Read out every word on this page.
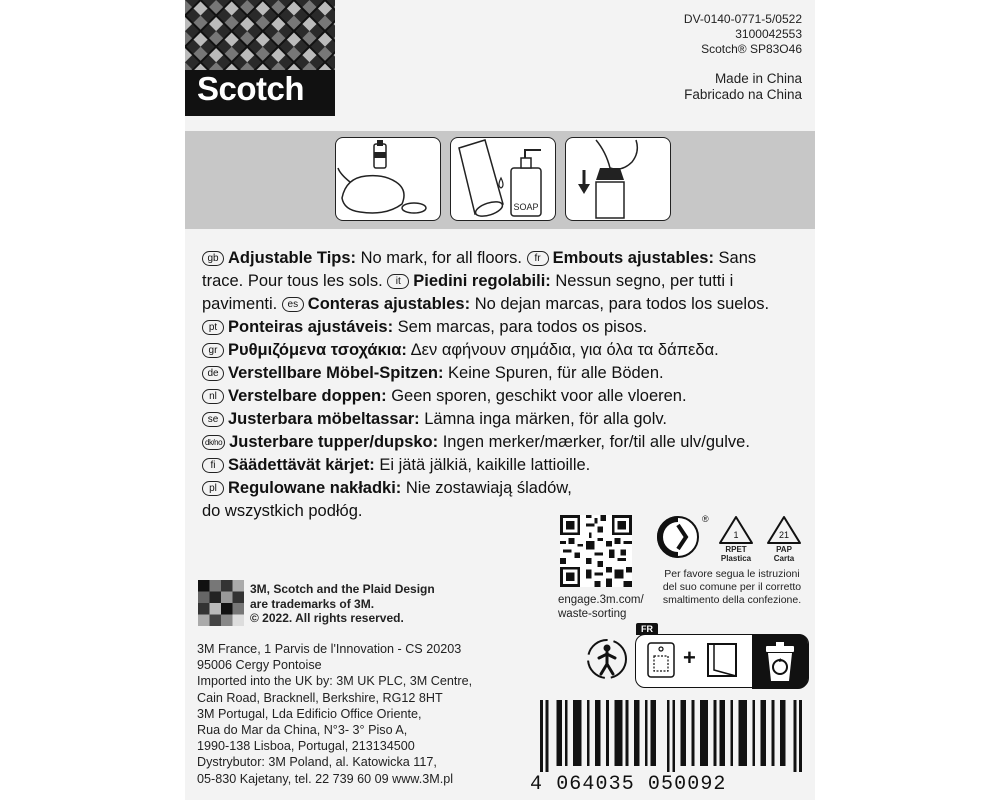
Scotch
DV-0140-0771-5/0522
3100042553
Scotch® SP83O46
Made in China
Fabricado na China
SOAP

gb Adjustable Tips: No mark, for all floors. fr Embouts ajustables: Sans trace. Pour tous les sols. it Piedini regolabili: Nessun segno, per tutti i pavimenti. es Conteras ajustables: No dejan marcas, para todos los suelos. pt Ponteiras ajustáveis: Sem marcas, para todos os pisos.

gr Ρυθμιζόμενα τσοχάκια: Δεν αφήνουν σημάδια, για όλα τα δάπεδα.

de Verstellbare Möbel-Spitzen: Keine Spuren, für alle Böden.

nl Verstelbare doppen: Geen sporen, geschikt voor alle vloeren.

se Justerbara möbeltassar: Lämna inga märken, för alla golv.

dk/no Justerbare tupper/dupsko: Ingen merker/mærker, for/til alle ulv/gulve.

fi Säädettävät kärjet: Ei jätä jälkiä, kaikille lattioille.

pl Regulowane nakładki: Nie zostawiają śladów,

do wszystkich podłóg.

engage.3m.com/
waste-sorting
®
1	21
RPET
Plastica
PAP
Carta
Per favore segua le istruzioni del suo comune per il corretto smaltimento della confezione.
3M, Scotch and the Plaid Design
are trademarks of 3M.
© 2022. All rights reserved.
3M France, 1 Parvis de l'Innovation - CS 20203
95006 Cergy Pontoise
Imported into the UK by: 3M UK PLC, 3M Centre,
Cain Road, Bracknell, Berkshire, RG12 8HT
3M Portugal, Lda Edificio Office Oriente,
Rua do Mar da China, N°3- 3° Piso A,
1990-138 Lisboa, Portugal, 213134500
Dystrybutor: 3M Poland, al. Katowicka 117,
05-830 Kajetany, tel. 22 739 60 09 www.3M.pl
FR
+
4 064035 050092
